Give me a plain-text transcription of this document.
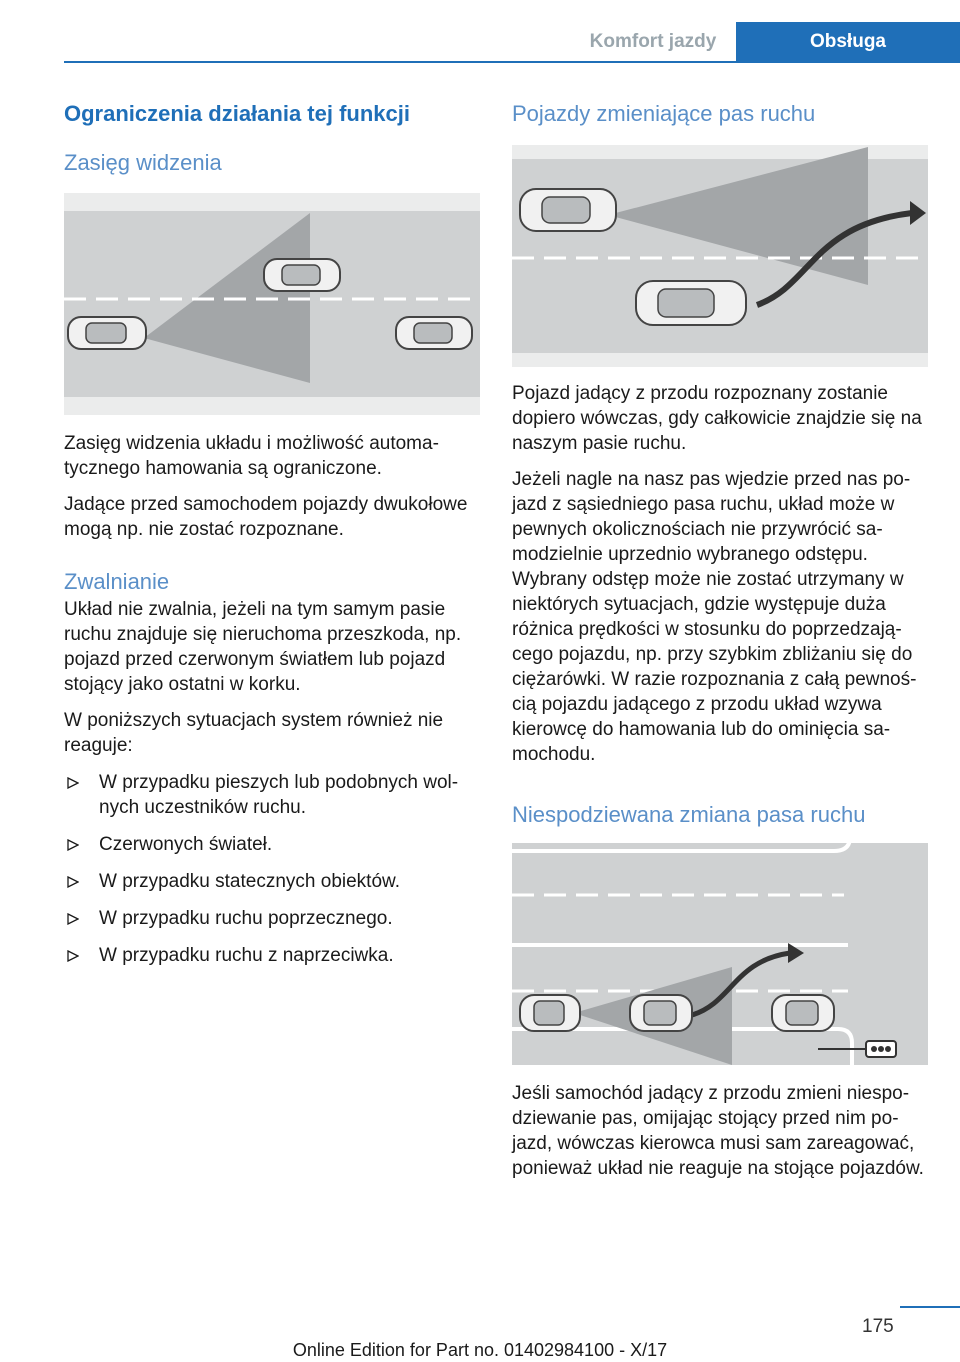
Komfort jazdy	Obsługa
Ograniczenia działania tej funkcji
Zasięg widzenia

Zasięg widzenia układu i możliwość automatycznego hamowania są ograniczone.

Jadące przed samochodem pojazdy dwukołowe mogą np. nie zostać rozpoznane.

Zwalnianie

Układ nie zwalnia, jeżeli na tym samym pasie ruchu znajduje się nieruchoma przeszkoda, np. pojazd przed czerwonym światłem lub pojazd stojący jako ostatni w korku.

W poniższych sytuacjach system również nie reaguje:

W przypadku pieszych lub podobnych wolnych uczestników ruchu.
Czerwonych świateł.
W przypadku statecznych obiektów.
W przypadku ruchu poprzecznego.
W przypadku ruchu z naprzeciwka.
Pojazdy zmieniające pas ruchu

Pojazd jadący z przodu rozpoznany zostanie dopiero wówczas, gdy całkowicie znajdzie się na naszym pasie ruchu.

Jeżeli nagle na nasz pas wjedzie przed nas pojazd z sąsiedniego pasa ruchu, układ może w pewnych okolicznościach nie przywrócić samodzielnie uprzednio wybranego odstępu. Wybrany odstęp może nie zostać utrzymany w niektórych sytuacjach, gdzie występuje duża różnica prędkości w stosunku do poprzedzającego pojazdu, np. przy szybkim zbliżaniu się do ciężarówki. W razie rozpoznania z całą pewnością pojazdu jadącego z przodu układ wzywa kierowcę do hamowania lub do ominięcia samochodu.

Niespodziewana zmiana pasa ruchu

Jeśli samochód jadący z przodu zmieni niespodziewanie pas, omijając stojący przed nim pojazd, wówczas kierowca musi sam zareagować, ponieważ układ nie reaguje na stojące pojazdów.

175
Online Edition for Part no. 01402984100 - X/17
